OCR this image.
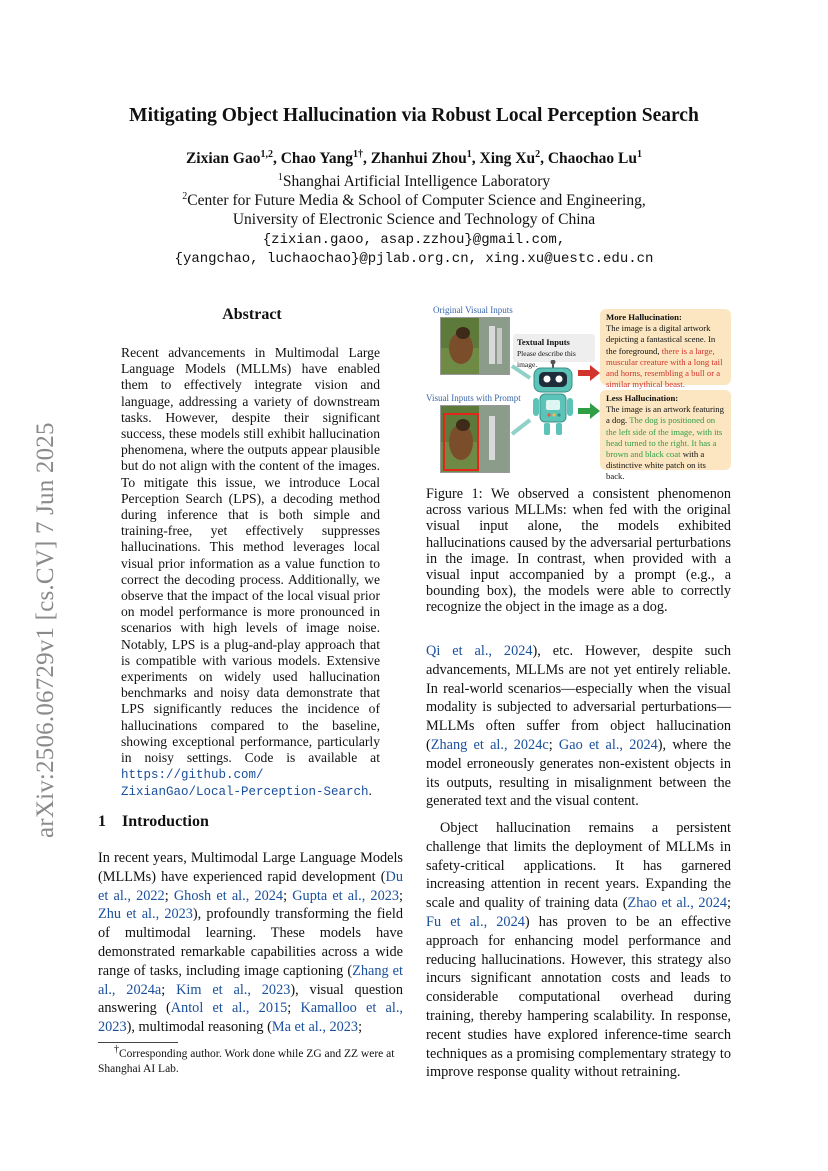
Mitigating Object Hallucination via Robust Local Perception Search
Zixian Gao$^{1,2}$, Chao Yang$^{1\dagger}$, Zhanhui Zhou$^1$, Xing Xu$^2$, Chaochao Lu$^1$
$^1$Shanghai Artificial Intelligence Laboratory
$^2$Center for Future Media & School of Computer Science and Engineering,
University of Electronic Science and Technology of China
{zixian.gaoo, asap.zzhou}@gmail.com,
{yangchao, luchaochao}@pjlab.org.cn, xing.xu@uestc.edu.cn
arXiv:2506.06729v1 [cs.CV] 7 Jun 2025
Abstract
Recent advancements in Multimodal Large Language Models (MLLMs) have enabled them to effectively integrate vision and language, addressing a variety of downstream tasks. However, despite their significant success, these models still exhibit hallucination phenomena, where the outputs appear plausible but do not align with the content of the images. To mitigate this issue, we introduce Local Perception Search (LPS), a decoding method during inference that is both simple and training-free, yet effectively suppresses hallucinations. This method leverages local visual prior information as a value function to correct the decoding process. Additionally, we observe that the impact of the local visual prior on model performance is more pronounced in scenarios with high levels of image noise. Notably, LPS is a plug-and-play approach that is compatible with various models. Extensive experiments on widely used hallucination benchmarks and noisy data demonstrate that LPS significantly reduces the incidence of hallucinations compared to the baseline, showing exceptional performance, particularly in noisy settings. Code is available at https://github.com/
ZixianGao/Local-Perception-Search.
1 Introduction
In recent years, Multimodal Large Language Models (MLLMs) have experienced rapid development (Du et al., 2022; Ghosh et al., 2024; Gupta et al., 2023; Zhu et al., 2023), profoundly transforming the field of multimodal learning. These models have demonstrated remarkable capabilities across a wide range of tasks, including image captioning (Zhang et al., 2024a; Kim et al., 2023), visual question answering (Antol et al., 2015; Kamalloo et al., 2023), multimodal reasoning (Ma et al., 2023;
†Corresponding author. Work done while ZG and ZZ were at Shanghai AI Lab.
Qi et al., 2024), etc. However, despite such advancements, MLLMs are not yet entirely reliable. In real-world scenarios—especially when the visual modality is subjected to adversarial perturbations—MLLMs often suffer from object hallucination (Zhang et al., 2024c; Gao et al., 2024), where the model erroneously generates non-existent objects in its outputs, resulting in misalignment between the generated text and the visual content.
Object hallucination remains a persistent challenge that limits the deployment of MLLMs in safety-critical applications. It has garnered increasing attention in recent years. Expanding the scale and quality of training data (Zhao et al., 2024; Fu et al., 2024) has proven to be an effective approach for enhancing model performance and reducing hallucinations. However, this strategy also incurs significant annotation costs and leads to considerable computational overhead during training, thereby hampering scalability. In response, recent studies have explored inference-time search techniques as a promising complementary strategy to improve response quality without retraining.
Original Visual Inputs
Visual Inputs with Prompt
Textual Inputs
Please describe this image.
More Hallucination:
The image is a digital artwork depicting a fantastical scene. In the foreground, there is a large, muscular creature with a long tail and horns, resembling a bull or a similar mythical beast.
Less Hallucination:
The image is an artwork featuring a dog. The dog is positioned on the left side of the image, with its head turned to the right. It has a brown and black coat with a distinctive white patch on its back.
Figure 1: We observed a consistent phenomenon across various MLLMs: when fed with the original visual input alone, the models exhibited hallucinations caused by the adversarial perturbations in the image. In contrast, when provided with a visual input accompanied by a prompt (e.g., a bounding box), the models were able to correctly recognize the object in the image as a dog.
